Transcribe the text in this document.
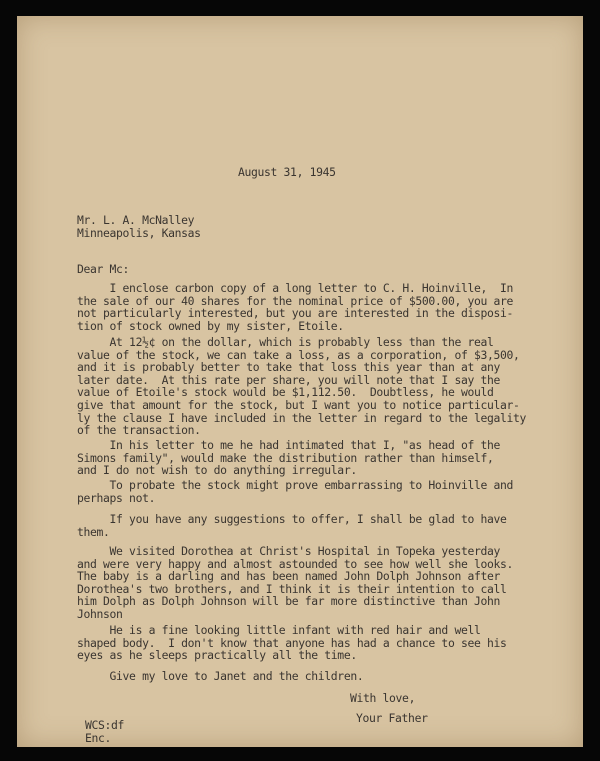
August 31, 1945
Mr. L. A. McNalley
Minneapolis, Kansas
Dear Mc:
I enclose carbon copy of a long letter to C. H. Hoinville,  In
the sale of our 40 shares for the nominal price of $500.00, you are
not particularly interested, but you are interested in the disposi-
tion of stock owned by my sister, Etoile.
At 12½¢ on the dollar, which is probably less than the real
value of the stock, we can take a loss, as a corporation, of $3,500,
and it is probably better to take that loss this year than at any
later date.  At this rate per share, you will note that I say the
value of Etoile's stock would be $1,112.50.  Doubtless, he would
give that amount for the stock, but I want you to notice particular-
ly the clause I have included in the letter in regard to the legality
of the transaction.
In his letter to me he had intimated that I, "as head of the
Simons family", would make the distribution rather than himself,
and I do not wish to do anything irregular.
To probate the stock might prove embarrassing to Hoinville and
perhaps not.
If you have any suggestions to offer, I shall be glad to have
them.
We visited Dorothea at Christ's Hospital in Topeka yesterday
and were very happy and almost astounded to see how well she looks.
The baby is a darling and has been named John Dolph Johnson after
Dorothea's two brothers, and I think it is their intention to call
him Dolph as Dolph Johnson will be far more distinctive than John
Johnson
He is a fine looking little infant with red hair and well
shaped body.  I don't know that anyone has had a chance to see his
eyes as he sleeps practically all the time.
Give my love to Janet and the children.
With love,
Your Father
WCS:df
Enc.
